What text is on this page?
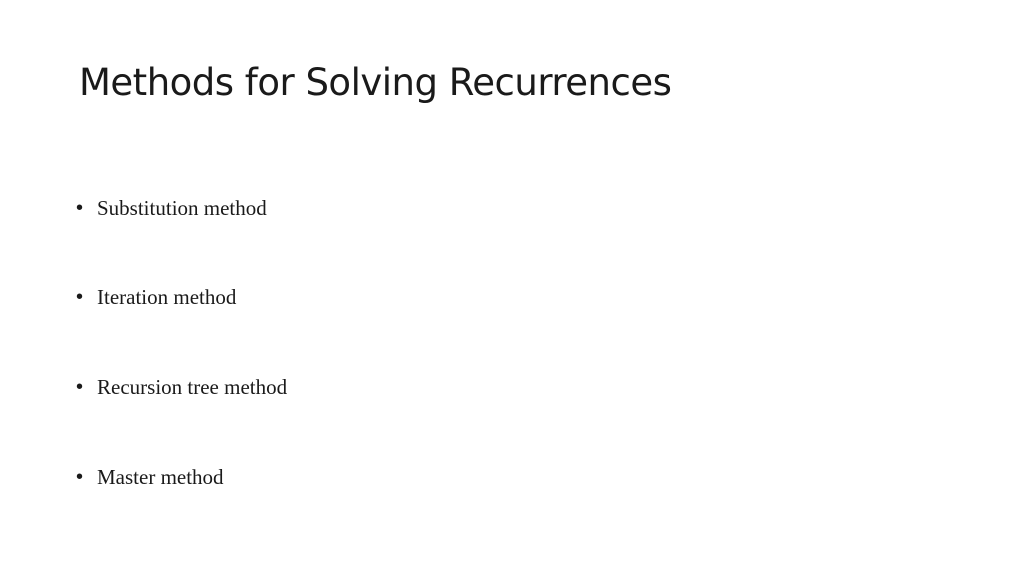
Methods for Solving Recurrences
• Substitution method
• Iteration method
• Recursion tree method
• Master method
